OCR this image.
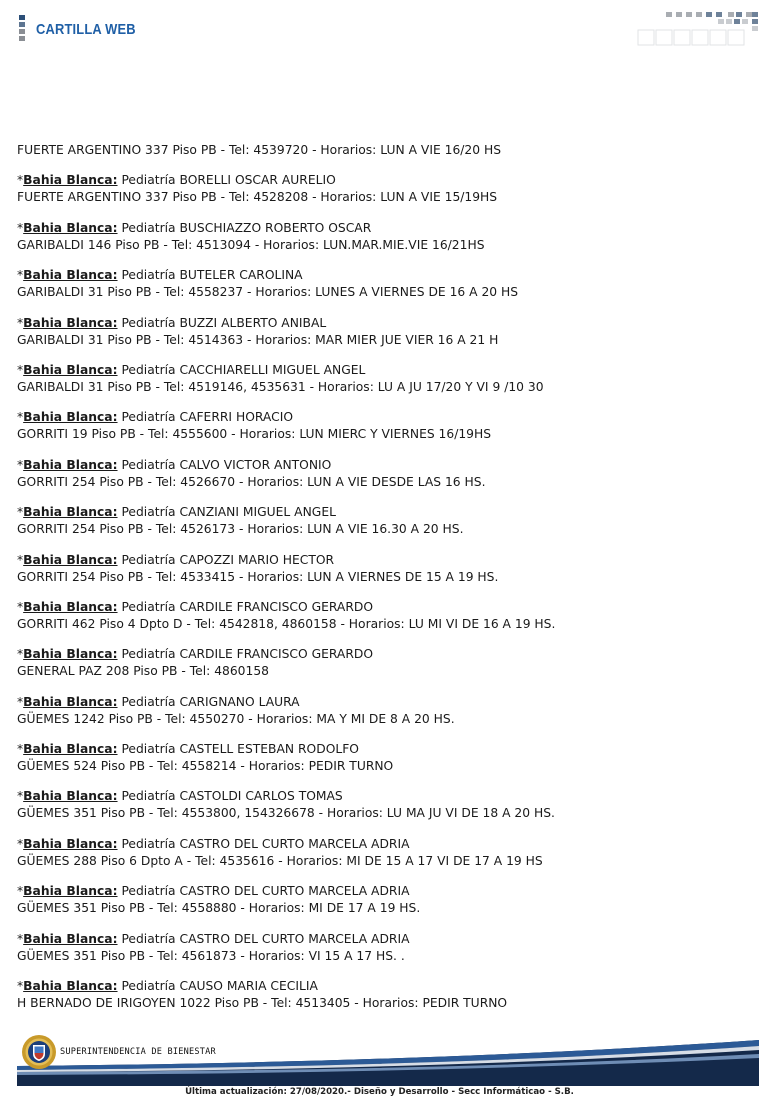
CARTILLA WEB
FUERTE ARGENTINO 337 Piso PB - Tel: 4539720 - Horarios: LUN A VIE 16/20 HS
*Bahia Blanca: Pediatría BORELLI OSCAR AURELIO
FUERTE ARGENTINO 337 Piso PB - Tel: 4528208 - Horarios: LUN A VIE 15/19HS
*Bahia Blanca: Pediatría BUSCHIAZZO ROBERTO OSCAR
GARIBALDI 146 Piso PB - Tel: 4513094 - Horarios: LUN.MAR.MIE.VIE 16/21HS
*Bahia Blanca: Pediatría BUTELER CAROLINA
GARIBALDI 31 Piso PB - Tel: 4558237 - Horarios: LUNES A VIERNES DE 16 A 20 HS
*Bahia Blanca: Pediatría BUZZI ALBERTO ANIBAL
GARIBALDI 31 Piso PB - Tel: 4514363 - Horarios: MAR MIER JUE VIER 16 A 21 H
*Bahia Blanca: Pediatría CACCHIARELLI MIGUEL ANGEL
GARIBALDI 31 Piso PB - Tel: 4519146, 4535631 - Horarios: LU A JU 17/20 Y VI 9 /10 30
*Bahia Blanca: Pediatría CAFERRI HORACIO
GORRITI 19 Piso PB - Tel: 4555600 - Horarios: LUN MIERC Y VIERNES 16/19HS
*Bahia Blanca: Pediatría CALVO VICTOR ANTONIO
GORRITI 254 Piso PB - Tel: 4526670 - Horarios: LUN A VIE DESDE LAS 16 HS.
*Bahia Blanca: Pediatría CANZIANI MIGUEL ANGEL
GORRITI 254 Piso PB - Tel: 4526173 - Horarios: LUN A VIE 16.30 A 20 HS.
*Bahia Blanca: Pediatría CAPOZZI MARIO HECTOR
GORRITI 254 Piso PB - Tel: 4533415 - Horarios: LUN A VIERNES DE 15 A 19 HS.
*Bahia Blanca: Pediatría CARDILE FRANCISCO GERARDO
GORRITI 462 Piso 4 Dpto D - Tel: 4542818, 4860158 - Horarios: LU MI VI DE 16 A 19 HS.
*Bahia Blanca: Pediatría CARDILE FRANCISCO GERARDO
GENERAL PAZ 208 Piso PB - Tel: 4860158
*Bahia Blanca: Pediatría CARIGNANO LAURA
GÜEMES 1242 Piso PB - Tel: 4550270 - Horarios: MA Y MI DE 8 A 20 HS.
*Bahia Blanca: Pediatría CASTELL ESTEBAN RODOLFO
GÜEMES 524 Piso PB - Tel: 4558214 - Horarios: PEDIR TURNO
*Bahia Blanca: Pediatría CASTOLDI CARLOS TOMAS
GÜEMES 351 Piso PB - Tel: 4553800, 154326678 - Horarios: LU MA JU VI DE 18 A 20 HS.
*Bahia Blanca: Pediatría CASTRO DEL CURTO MARCELA ADRIA
GÜEMES 288 Piso 6 Dpto A - Tel: 4535616 - Horarios: MI DE 15 A 17 VI DE 17 A 19 HS
*Bahia Blanca: Pediatría CASTRO DEL CURTO MARCELA ADRIA
GÜEMES 351 Piso PB - Tel: 4558880 - Horarios: MI DE 17 A 19 HS.
*Bahia Blanca: Pediatría CASTRO DEL CURTO MARCELA ADRIA
GÜEMES 351 Piso PB - Tel: 4561873 - Horarios: VI 15 A 17 HS. .
*Bahia Blanca: Pediatría CAUSO MARIA CECILIA
H BERNADO DE IRIGOYEN 1022 Piso PB - Tel: 4513405 - Horarios: PEDIR TURNO
SUPERINTENDENCIA DE BIENESTAR
Última actualización: 27/08/2020.- Diseño y Desarrollo - Secc Informáticao - S.B.
